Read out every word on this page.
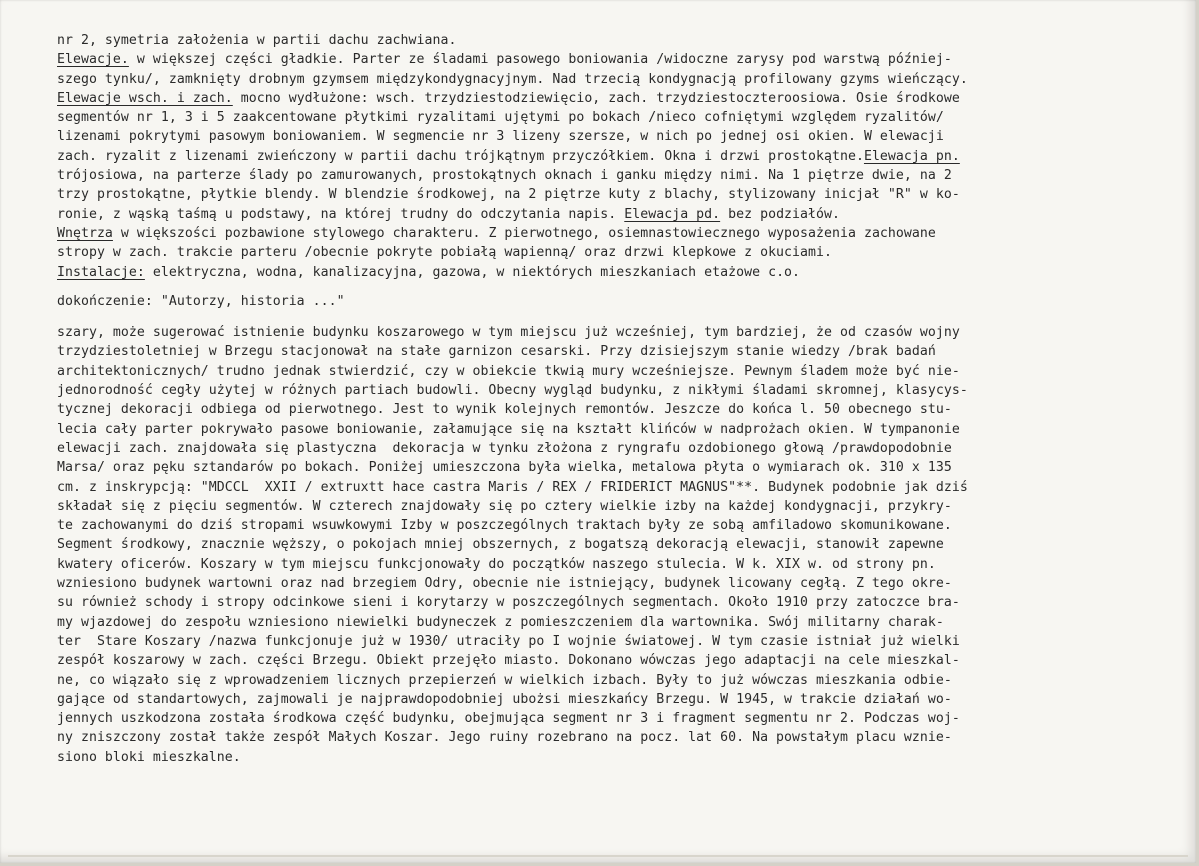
nr 2, symetria założenia w partii dachu zachwiana.
Elewacje. w większej części gładkie. Parter ze śladami pasowego boniowania /widoczne zarysy pod warstwą później-
szego tynku/, zamknięty drobnym gzymsem międzykondygnacyjnym. Nad trzecią kondygnacją profilowany gzyms wieńczący.
Elewacje wsch. i zach. mocno wydłużone: wsch. trzydziestodziewięcio, zach. trzydziestoczteroosiowa. Osie środkowe
segmentów nr 1, 3 i 5 zaakcentowane płytkimi ryzalitami ujętymi po bokach /nieco cofniętymi względem ryzalitów/
lizenami pokrytymi pasowym boniowaniem. W segmencie nr 3 lizeny szersze, w nich po jednej osi okien. W elewacji
zach. ryzalit z lizenami zwieńczony w partii dachu trójkątnym przyczółkiem. Okna i drzwi prostokątne.Elewacja pn.
trójosiowa, na parterze ślady po zamurowanych, prostokątnych oknach i ganku między nimi. Na 1 piętrze dwie, na 2
trzy prostokątne, płytkie blendy. W blendzie środkowej, na 2 piętrze kuty z blachy, stylizowany inicjał "R" w ko-
ronie, z wąską taśmą u podstawy, na której trudny do odczytania napis. Elewacja pd. bez podziałów.
Wnętrza w większości pozbawione stylowego charakteru. Z pierwotnego, osiemnastowiecznego wyposażenia zachowane
stropy w zach. trakcie parteru /obecnie pokryte pobiałą wapienną/ oraz drzwi klepkowe z okuciami.
Instalacje: elektryczna, wodna, kanalizacyjna, gazowa, w niektórych mieszkaniach etażowe c.o.
dokończenie: "Autorzy, historia ..."
szary, może sugerować istnienie budynku koszarowego w tym miejscu już wcześniej, tym bardziej, że od czasów wojny
trzydziestoletniej w Brzegu stacjonował na stałe garnizon cesarski. Przy dzisiejszym stanie wiedzy /brak badań
architektonicznych/ trudno jednak stwierdzić, czy w obiekcie tkwią mury wcześniejsze. Pewnym śladem może być nie-
jednorodność cegły użytej w różnych partiach budowli. Obecny wygląd budynku, z nikłymi śladami skromnej, klasycys-
tycznej dekoracji odbiega od pierwotnego. Jest to wynik kolejnych remontów. Jeszcze do końca l. 50 obecnego stu-
lecia cały parter pokrywało pasowe boniowanie, załamujące się na kształt klińców w nadprożach okien. W tympanonie
elewacji zach. znajdowała się plastyczna  dekoracja w tynku złożona z ryngrafu ozdobionego głową /prawdopodobnie
Marsa/ oraz pęku sztandarów po bokach. Poniżej umieszczona była wielka, metalowa płyta o wymiarach ok. 310 x 135
cm. z inskrypcją: "MDCCL  XXII / extruxtt hace castra Maris / REX / FRIDERICT MAGNUS"**. Budynek podobnie jak dziś
składał się z pięciu segmentów. W czterech znajdowały się po cztery wielkie izby na każdej kondygnacji, przykry-
te zachowanymi do dziś stropami wsuwkowymi Izby w poszczególnych traktach były ze sobą amfiladowo skomunikowane.
Segment środkowy, znacznie węższy, o pokojach mniej obszernych, z bogatszą dekoracją elewacji, stanowił zapewne
kwatery oficerów. Koszary w tym miejscu funkcjonowały do początków naszego stulecia. W k. XIX w. od strony pn.
wzniesiono budynek wartowni oraz nad brzegiem Odry, obecnie nie istniejący, budynek licowany cegłą. Z tego okre-
su również schody i stropy odcinkowe sieni i korytarzy w poszczególnych segmentach. Około 1910 przy zatoczce bra-
my wjazdowej do zespołu wzniesiono niewielki budyneczek z pomieszczeniem dla wartownika. Swój militarny charak-
ter  Stare Koszary /nazwa funkcjonuje już w 1930/ utraciły po I wojnie światowej. W tym czasie istniał już wielki
zespół koszarowy w zach. części Brzegu. Obiekt przejęło miasto. Dokonano wówczas jego adaptacji na cele mieszkal-
ne, co wiązało się z wprowadzeniem licznych przepierzeń w wielkich izbach. Były to już wówczas mieszkania odbie-
gające od standartowych, zajmowali je najprawdopodobniej ubożsi mieszkańcy Brzegu. W 1945, w trakcie działań wo-
jennych uszkodzona została środkowa część budynku, obejmująca segment nr 3 i fragment segmentu nr 2. Podczas woj-
ny zniszczony został także zespół Małych Koszar. Jego ruiny rozebrano na pocz. lat 60. Na powstałym placu wznie-
siono bloki mieszkalne.
